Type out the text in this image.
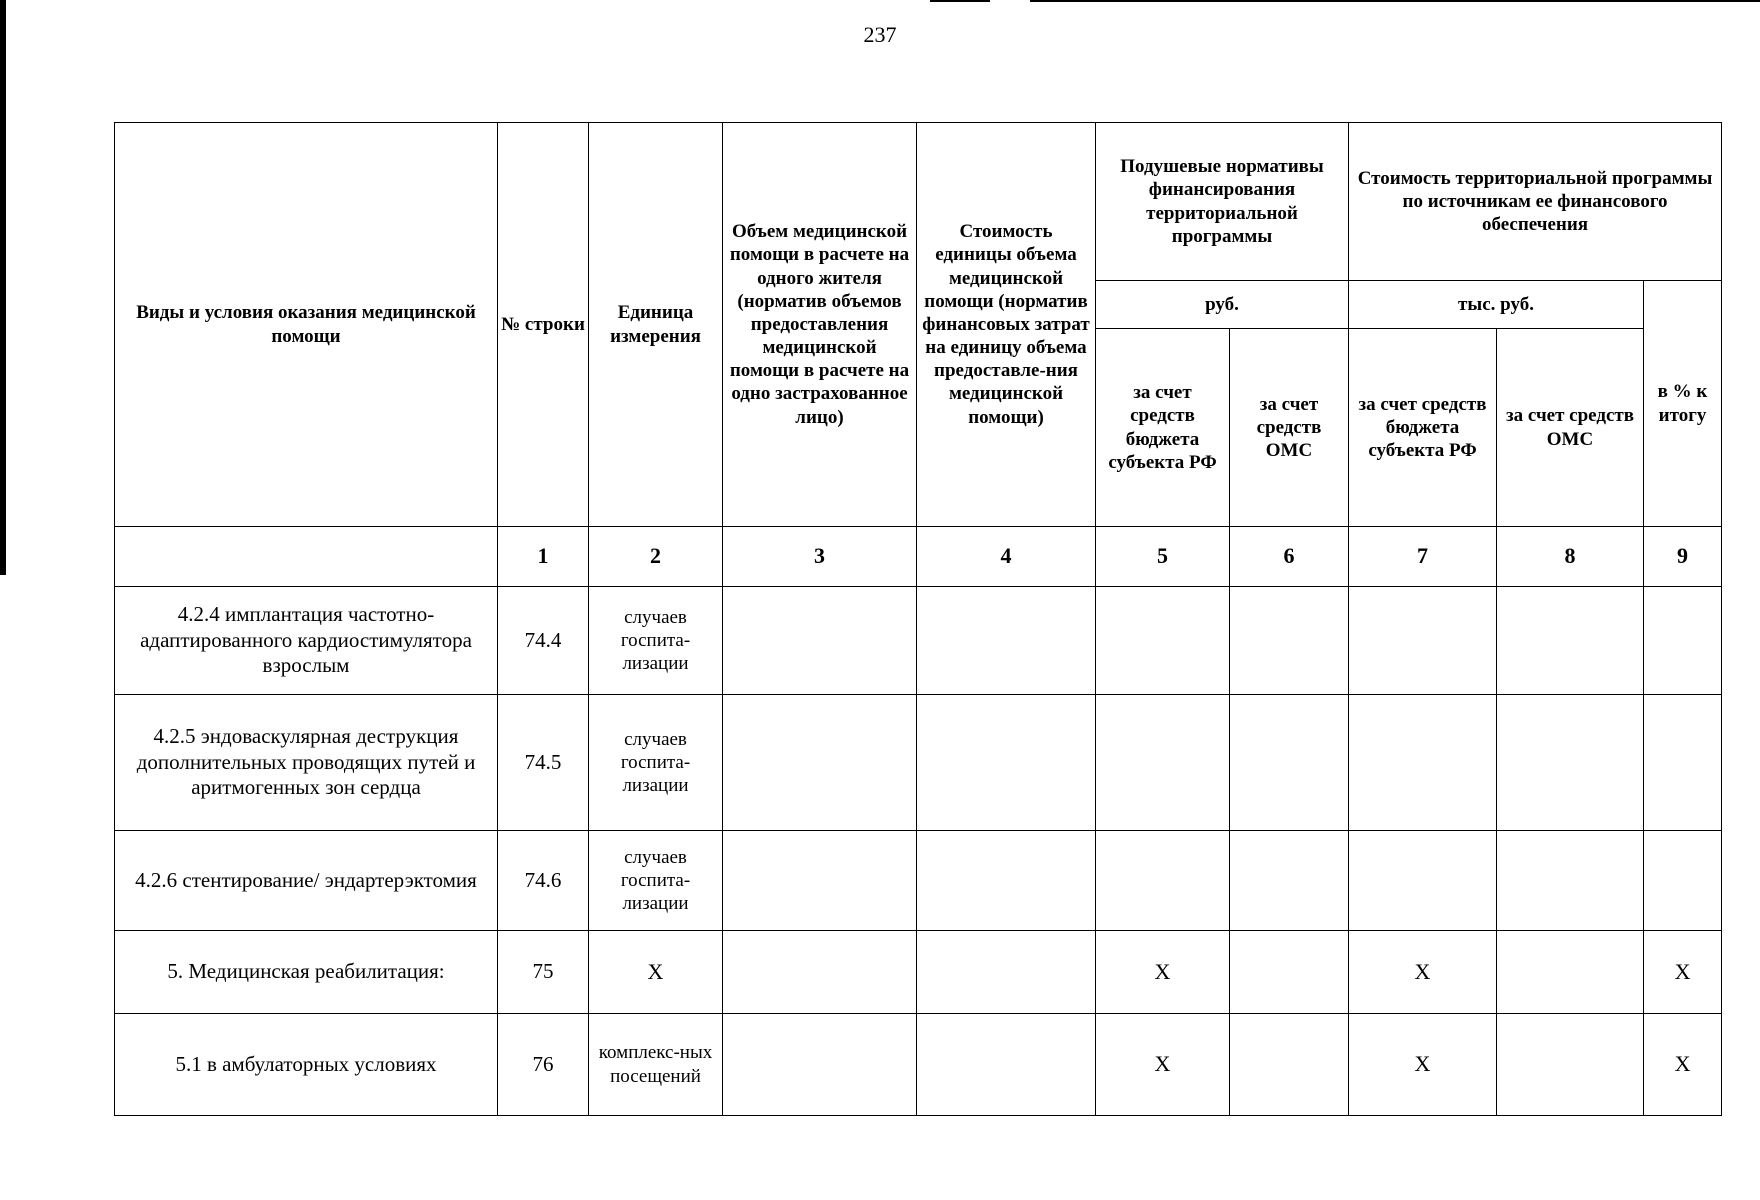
237
Виды и условия оказания медицинской помощи	№ строки	Единица измерения	Объем медицинской помощи в расчете на одного жителя (норматив объемов предоставления медицинской помощи в расчете на одно застрахованное лицо)	Стоимость единицы объема медицинской помощи (норматив финансовых затрат на единицу объема предоставле-ния медицинской помощи)	Подушевые нормативы финансирования территориальной программы		Стоимость территориальной программы по источникам ее финансового обеспечения		
					руб.		тыс. руб.		в % к итогу
					за счет средств бюджета субъекта РФ	за счет средств ОМС	за счет средств бюджета субъекта РФ	за счет средств ОМС	
	1	2	3	4	5	6	7	8	9
4.2.4 имплантация частотно-адаптированного кардиостимулятора взрослым	74.4	случаев госпита-лизации							
4.2.5 эндоваскулярная деструкция дополнительных проводящих путей и аритмогенных зон сердца	74.5	случаев госпита-лизации							
4.2.6 стентирование/ эндартерэктомия	74.6	случаев госпита-лизации							
5. Медицинская реабилитация:	75	X			X		X		X
5.1 в амбулаторных условиях	76	комплекс-ных посещений			X		X		X
